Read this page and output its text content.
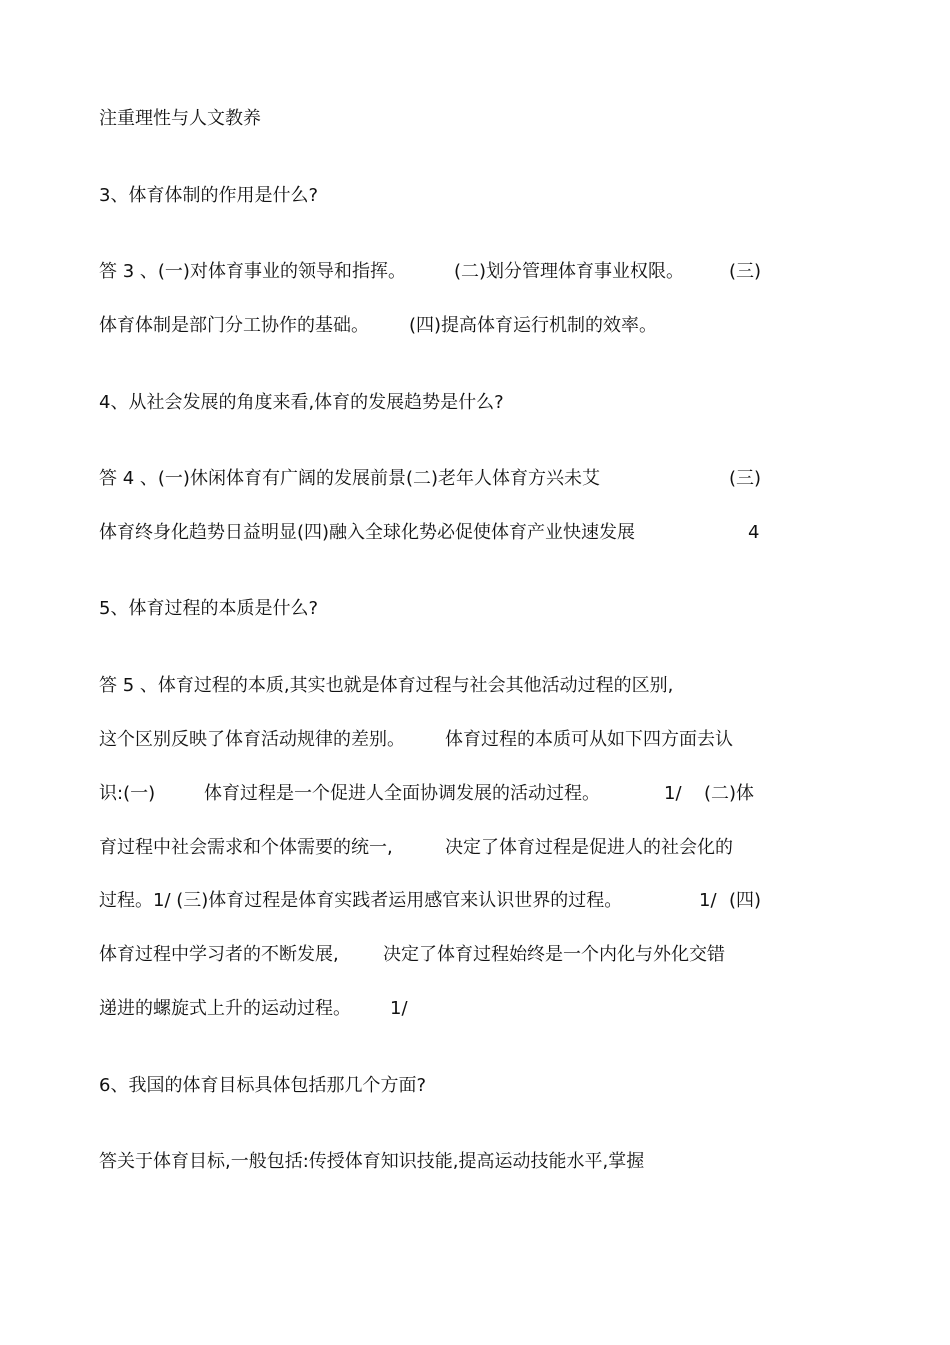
注重理性与人文教养

3、体育体制的作用是什么?

答 3 、(一)对体育事业的领导和指挥。

	(二)划分管理体育事业权限。

(三)

体育体制是部门分工协作的基础。

(四)提高体育运行机制的效率。

4、从社会发展的角度来看,体育的发展趋势是什么?

答 4 、(一)休闲体育有广阔的发展前景(二)老年人体育方兴未艾

	(三)

体育终身化趋势日益明显(四)融入全球化势必促使体育产业快速发展

	4

5、体育过程的本质是什么?

答 5 、体育过程的本质,其实也就是体育过程与社会其他活动过程的区别,

这个区别反映了体育活动规律的差别。

体育过程的本质可从如下四方面去认

识:(一)

	体育过程是一个促进人全面协调发展的活动过程。

	1/

(二)体

育过程中社会需求和个体需要的统一,

	决定了体育过程是促进人的社会化的

过程。1/ (三)体育过程是体育实践者运用感官来认识世界的过程。

	1/

(四)

体育过程中学习者的不断发展,

决定了体育过程始终是一个内化与外化交错

递进的螺旋式上升的运动过程。

1/

6、我国的体育目标具体包括那几个方面?

答关于体育目标,一般包括:传授体育知识技能,提高运动技能水平,掌握
